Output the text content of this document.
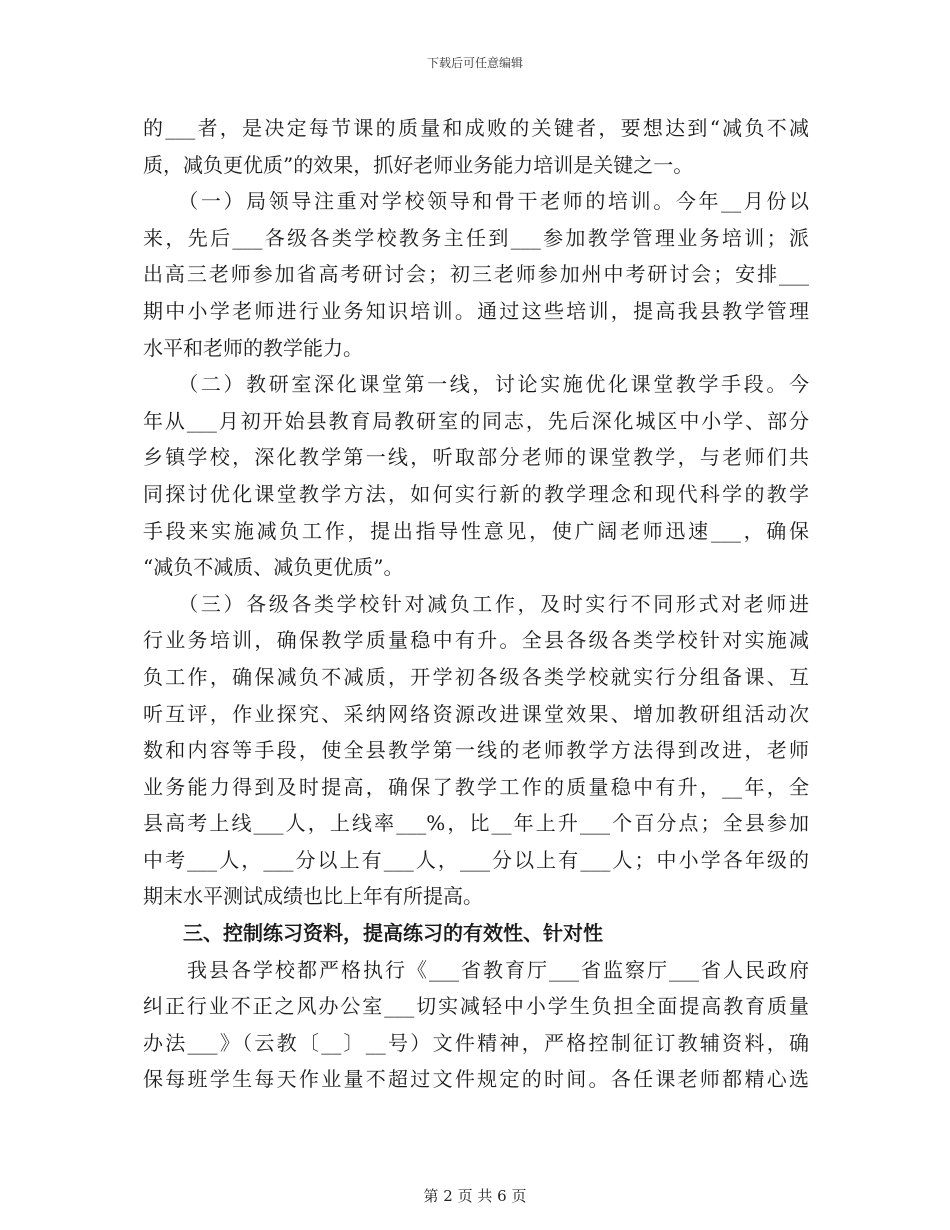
下载后可任意编辑
的___者，是决定每节课的质量和成败的关键者，要想达到“减负不减
质，减负更优质”的效果，抓好老师业务能力培训是关键之一。
　　（一）局领导注重对学校领导和骨干老师的培训。今年__月份以
来，先后___各级各类学校教务主任到___参加教学管理业务培训；派
出高三老师参加省高考研讨会；初三老师参加州中考研讨会；安排___
期中小学老师进行业务知识培训。通过这些培训，提高我县教学管理
水平和老师的教学能力。
　　（二）教研室深化课堂第一线，讨论实施优化课堂教学手段。今
年从___月初开始县教育局教研室的同志，先后深化城区中小学、部分
乡镇学校，深化教学第一线，听取部分老师的课堂教学，与老师们共
同探讨优化课堂教学方法，如何实行新的教学理念和现代科学的教学
手段来实施减负工作，提出指导性意见，使广阔老师迅速___，确保
“减负不减质、减负更优质”。
　　（三）各级各类学校针对减负工作，及时实行不同形式对老师进
行业务培训，确保教学质量稳中有升。全县各级各类学校针对实施减
负工作，确保减负不减质，开学初各级各类学校就实行分组备课、互
听互评，作业探究、采纳网络资源改进课堂效果、增加教研组活动次
数和内容等手段，使全县教学第一线的老师教学方法得到改进，老师
业务能力得到及时提高，确保了教学工作的质量稳中有升，__年，全
县高考上线___人，上线率___%，比__年上升___个百分点；全县参加
中考___人，___分以上有___人，___分以上有___人；中小学各年级的
期末水平测试成绩也比上年有所提高。
　　三、控制练习资料，提高练习的有效性、针对性
　　我县各学校都严格执行《___省教育厅___省监察厅___省人民政府
纠正行业不正之风办公室___切实减轻中小学生负担全面提高教育质量
办法___》（云教〔__〕__号）文件精神，严格控制征订教辅资料，确
保每班学生每天作业量不超过文件规定的时间。各任课老师都精心选
第 2 页 共 6 页
